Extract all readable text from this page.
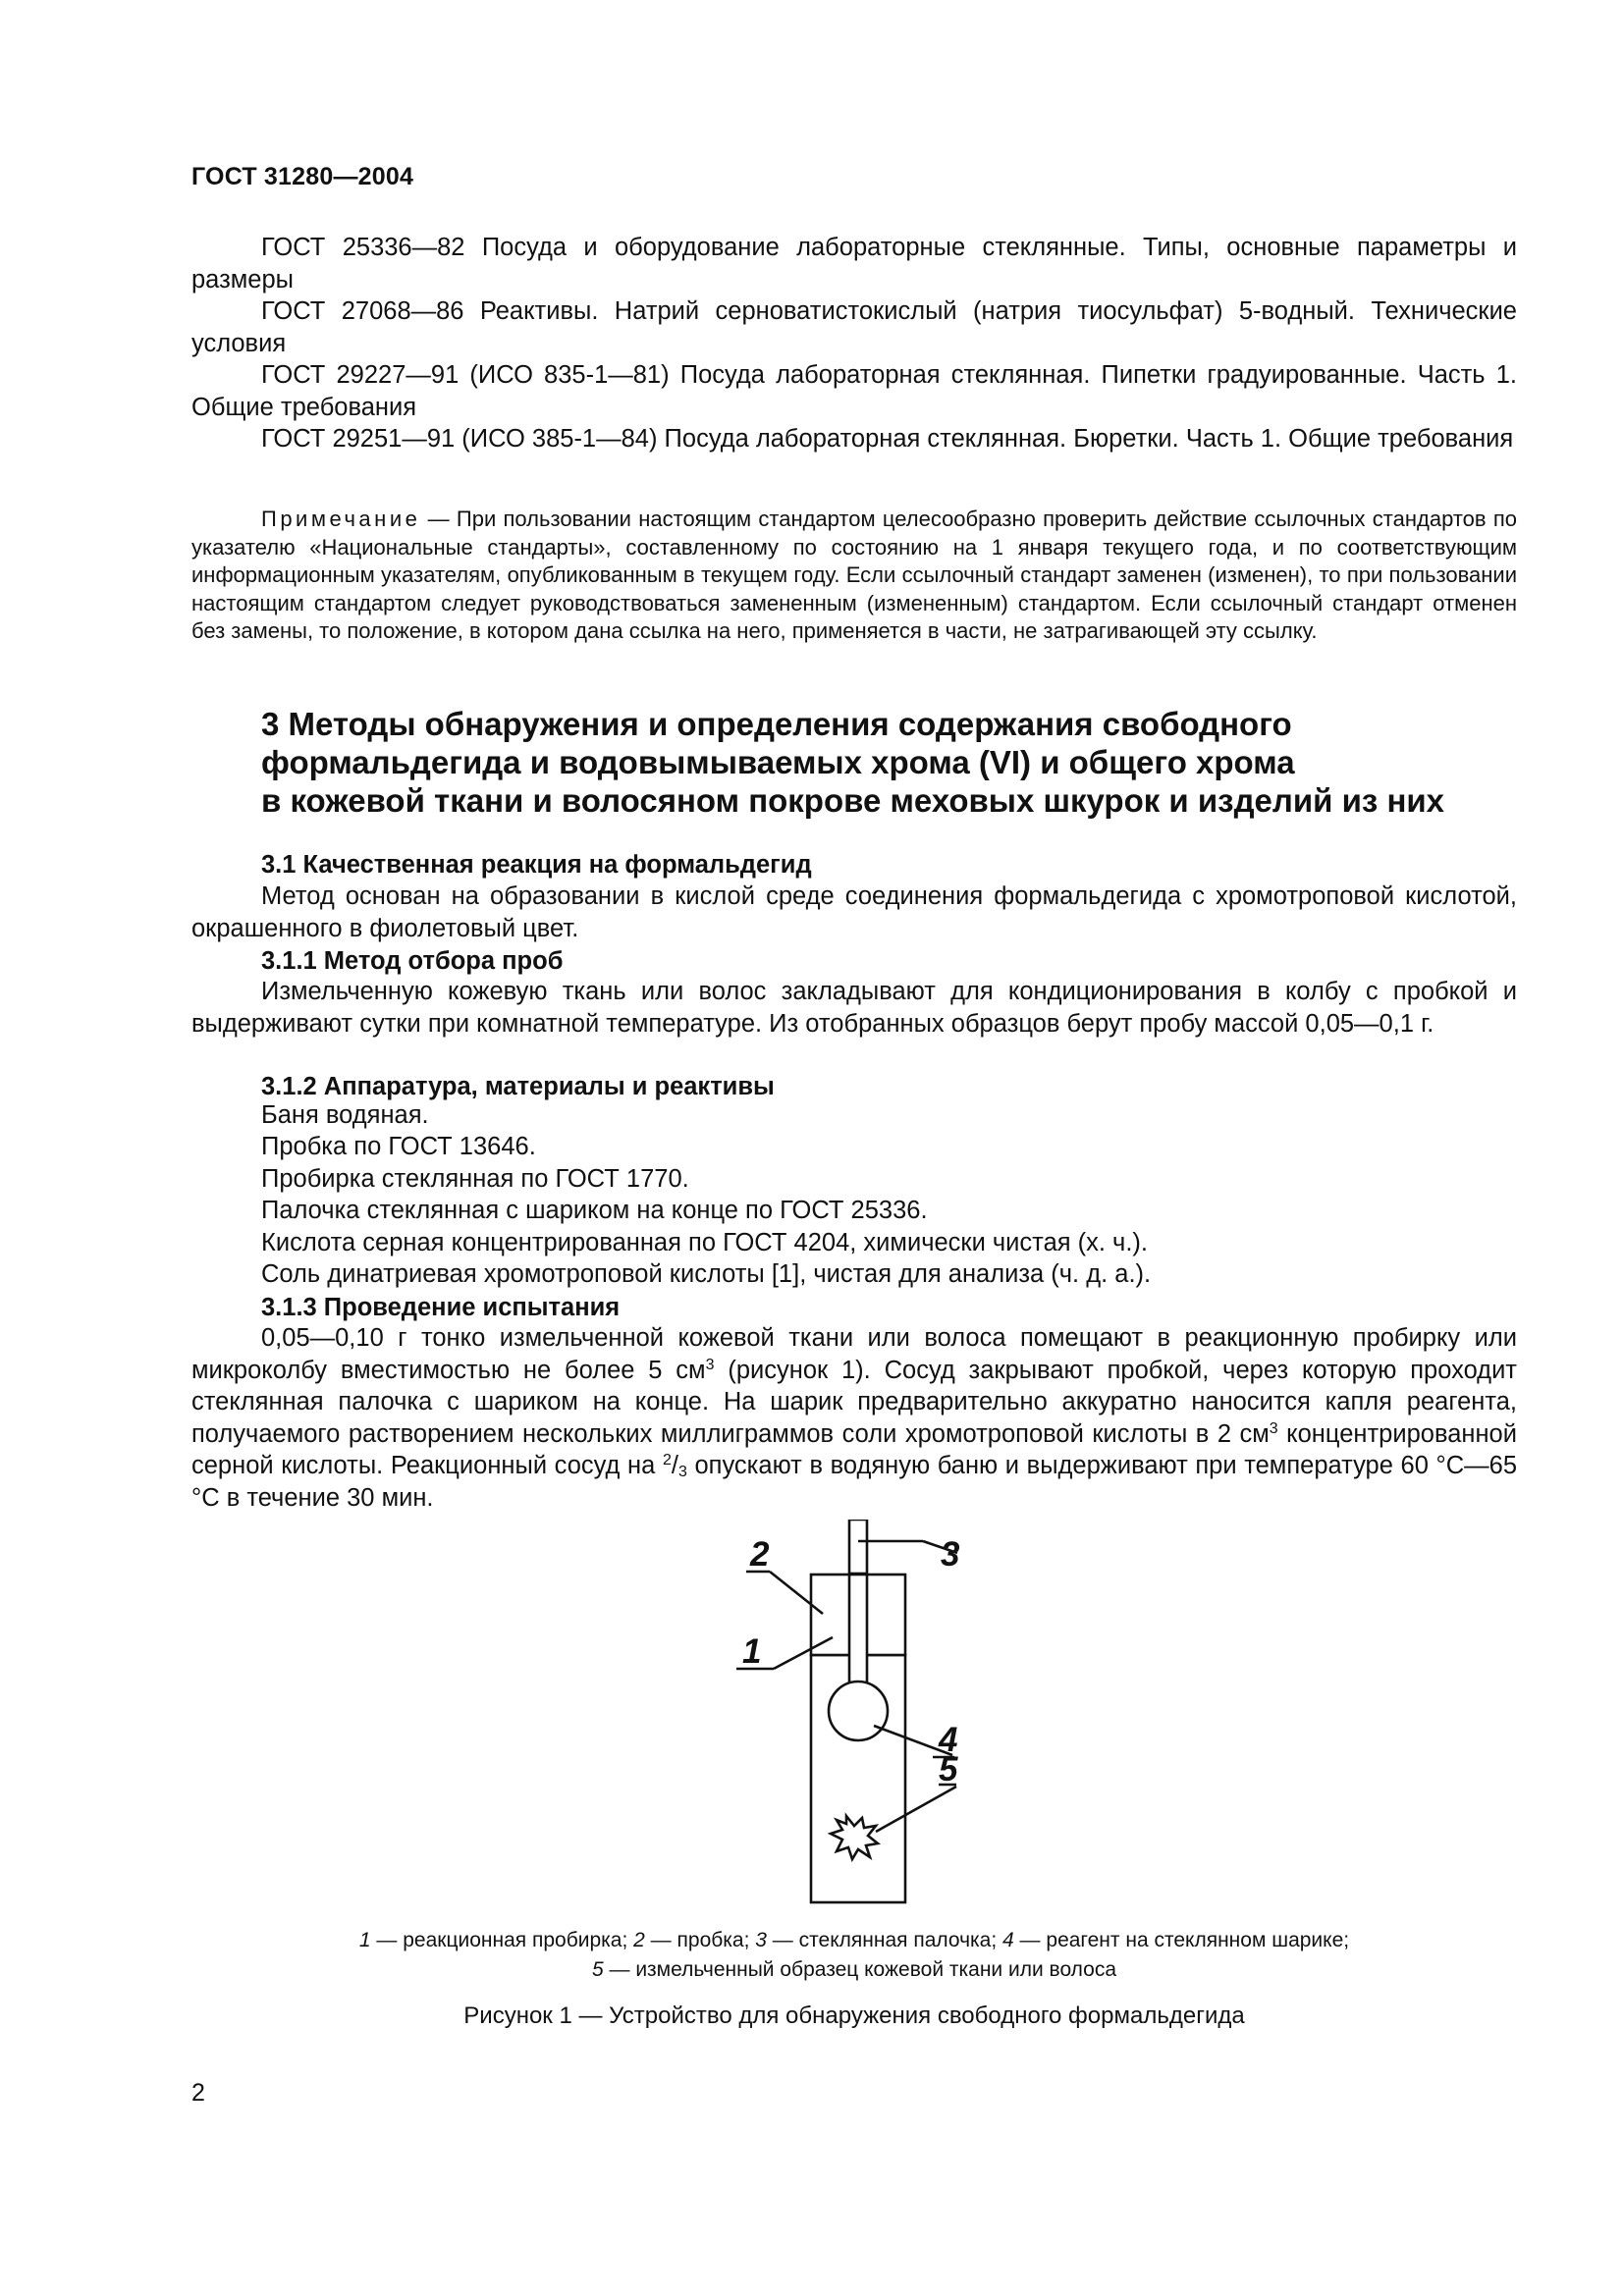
ГОСТ 31280—2004
ГОСТ 25336—82 Посуда и оборудование лабораторные стеклянные. Типы, основные параметры и размеры
ГОСТ 27068—86 Реактивы. Натрий серноватистокислый (натрия тиосульфат) 5-водный. Технические условия
ГОСТ 29227—91 (ИСО 835-1—81) Посуда лабораторная стеклянная. Пипетки градуированные. Часть 1. Общие требования
ГОСТ 29251—91 (ИСО 385-1—84) Посуда лабораторная стеклянная. Бюретки. Часть 1. Общие требования
Примечание — При пользовании настоящим стандартом целесообразно проверить действие ссылочных стандартов по указателю «Национальные стандарты», составленному по состоянию на 1 января текущего года, и по соответствующим информационным указателям, опубликованным в текущем году. Если ссылочный стандарт заменен (изменен), то при пользовании настоящим стандартом следует руководствоваться замененным (измененным) стандартом. Если ссылочный стандарт отменен без замены, то положение, в котором дана ссылка на него, применяется в части, не затрагивающей эту ссылку.
3 Методы обнаружения и определения содержания свободного
формальдегида и водовымываемых хрома (VI) и общего хрома
в кожевой ткани и волосяном покрове меховых шкурок и изделий из них
3.1 Качественная реакция на формальдегид
Метод основан на образовании в кислой среде соединения формальдегида с хромотроповой кислотой, окрашенного в фиолетовый цвет.
3.1.1 Метод отбора проб
Измельченную кожевую ткань или волос закладывают для кондиционирования в колбу с пробкой и выдерживают сутки при комнатной температуре. Из отобранных образцов берут пробу массой 0,05—0,1 г.
3.1.2 Аппаратура, материалы и реактивы
Баня водяная.
Пробка по ГОСТ 13646.
Пробирка стеклянная по ГОСТ 1770.
Палочка стеклянная с шариком на конце по ГОСТ 25336.
Кислота серная концентрированная по ГОСТ 4204, химически чистая (х. ч.).
Соль динатриевая хромотроповой кислоты [1], чистая для анализа (ч. д. а.).
3.1.3 Проведение испытания
0,05—0,10 г тонко измельченной кожевой ткани или волоса помещают в реакционную пробирку или микроколбу вместимостью не более 5 $см^3$ (рисунок 1). Сосуд закрывают пробкой, через которую проходит стеклянная палочка с шариком на конце. На шарик предварительно аккуратно наносится капля реагента, получаемого растворением нескольких миллиграммов соли хромотроповой кислоты в 2 $см^3$ концентрированной серной кислоты. Реакционный сосуд на $^2/_3$ опускают в водяную баню и выдерживают при температуре 60 °С—65 °С в течение 30 мин.
2	3
1
4
5
1 — реакционная пробирка; 2 — пробка; 3 — стеклянная палочка; 4 — реагент на стеклянном шарике;
5 — измельченный образец кожевой ткани или волоса
Рисунок 1 — Устройство для обнаружения свободного формальдегида
2
